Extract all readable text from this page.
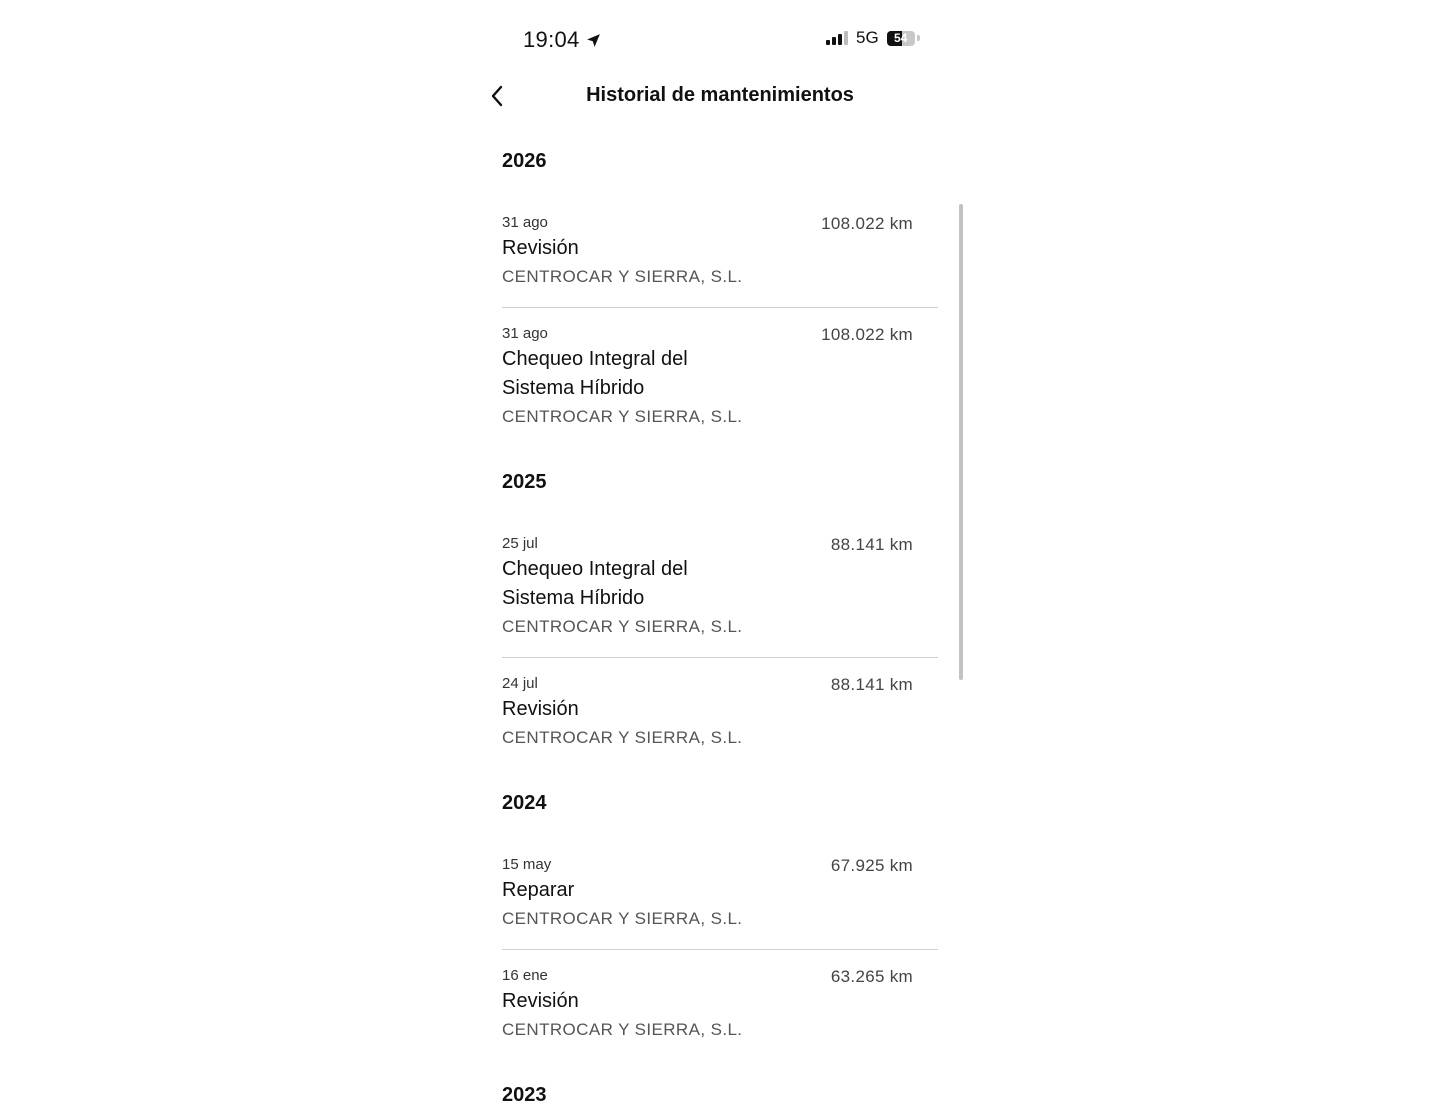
19:04	5G	54
Historial de mantenimientos
2026
31 ago
Revisión
CENTROCAR Y SIERRA, S.L.
108.022 km
31 ago
Chequeo Integral del Sistema Híbrido
CENTROCAR Y SIERRA, S.L.
108.022 km
2025
25 jul
Chequeo Integral del Sistema Híbrido
CENTROCAR Y SIERRA, S.L.
88.141 km
24 jul
Revisión
CENTROCAR Y SIERRA, S.L.
88.141 km
2024
15 may
Reparar
CENTROCAR Y SIERRA, S.L.
67.925 km
16 ene
Revisión
CENTROCAR Y SIERRA, S.L.
63.265 km
2023
